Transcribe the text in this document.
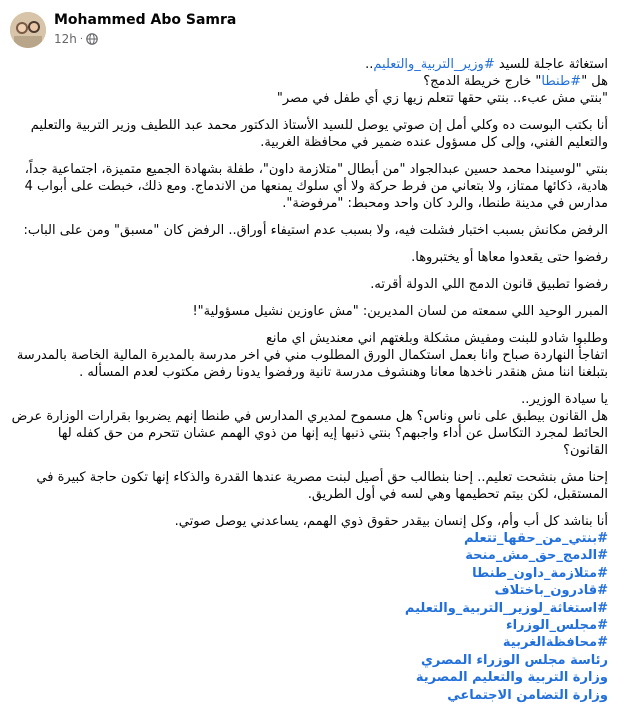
Mohammed Abo Samra
12h ·

استغاثة عاجلة للسيد #وزير_التربية_والتعليم..

هل "#طنطا" خارج خريطة الدمج؟

"بنتي مش عبء.. بنتي حقها تتعلم زيها زي أي طفل في مصر"

أنا بكتب البوست ده وكلي أمل إن صوتي يوصل للسيد الأستاذ الدكتور محمد عبد اللطيف وزير التربية والتعليم والتعليم الفني، وإلى كل مسؤول عنده ضمير في محافظة الغربية.

بنتي "لوسيندا محمد حسين عبدالجواد "من أبطال "متلازمة داون"، طفلة بشهادة الجميع متميزة، اجتماعية جداً، هادية، ذكائها ممتاز، ولا بتعاني من فرط حركة ولا أي سلوك يمنعها من الاندماج. ومع ذلك، خبطت على أبواب 4 مدارس في مدينة طنطا، والرد كان واحد ومحبط: "مرفوضة".

الرفض مكانش بسبب اختبار فشلت فيه، ولا بسبب عدم استيفاء أوراق.. الرفض كان "مسبق" ومن على الباب:

رفضوا حتى يقعدوا معاها أو يختبروها.

رفضوا تطبيق قانون الدمج اللي الدولة أقرته.

المبرر الوحيد اللي سمعته من لسان المديرين: "مش عاوزين نشيل مسؤولية"!

وطلبوا شادو للبنت ومفيش مشكلة وبلغتهم اني معنديش اي مانع

اتفاجأ النهاردة صباح وانا بعمل استكمال الورق المطلوب مني في اخر مدرسة بالمديرة المالية الخاصة بالمدرسة بتبلغنا اننا مش هنقدر ناخدها معانا وهنشوف مدرسة تانية ورفضوا يدونا رفض مكتوب لعدم المسأله .

يا سيادة الوزير..

هل القانون بيطبق على ناس وناس؟ هل مسموح لمديري المدارس في طنطا إنهم يضربوا بقرارات الوزارة عرض الحائط لمجرد التكاسل عن أداء واجبهم؟ بنتي ذنبها إيه إنها من ذوي الهمم عشان تتحرم من حق كفله لها القانون؟

إحنا مش بنشحت تعليم.. إحنا بنطالب حق أصيل لبنت مصرية عندها القدرة والذكاء إنها تكون حاجة كبيرة في المستقبل، لكن بيتم تحطيمها وهي لسه في أول الطريق.

أنا بناشد كل أب وأم، وكل إنسان بيقدر حقوق ذوي الهمم، يساعدني يوصل صوتي.

#بنتي_من_حقها_تتعلم
#الدمج_حق_مش_منحة
#متلازمة_داون_طنطا
#قادرون_باختلاف
#استغاثة_لوزير_التربية_والتعليم
#مجلس_الوزراء
#محافظة‌الغربية
رئاسة مجلس الوزراء المصري
وزارة التربية والتعليم المصرية
وزارة التضامن الاجتماعي
